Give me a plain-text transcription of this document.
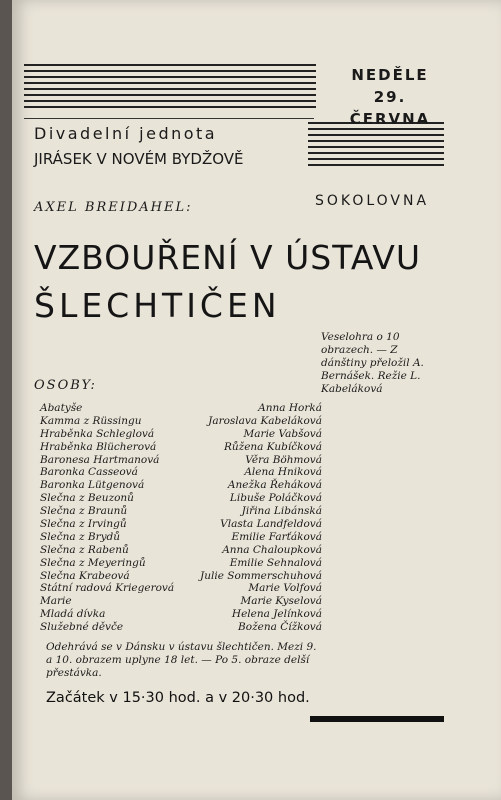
NEDĚLE
29. ČERVNA
Divadelní jednota
JIRÁSEK V NOVÉM BYDŽOVĚ
SOKOLOVNA
AXEL BREIDAHEL:
VZBOUŘENÍ V ÚSTAVU
ŠLECHTIČEN
Veselohra o 10 obrazech. — Z dánštiny přeložil A. Bernášek. Režie L. Kabeláková
OSOBY:
Abatyše	Anna Horká
Kamma z Rüssingu	Jaroslava Kabeláková
Hraběnka Schleglová	Marie Vabšová
Hraběnka Blücherová	Růžena Kubíčková
Baronesa Hartmanová	Věra Böhmová
Baronka Casseová	Alena Hniková
Baronka Lütgenová	Anežka Řeháková
Slečna z Beuzonů	Libuše Poláčková
Slečna z Braunů	Jiřina Libánská
Slečna z Irvingů	Vlasta Landfeldová
Slečna z Brydů	Emilie Farťáková
Slečna z Rabenů	Anna Chaloupková
Slečna z Meyeringů	Emilie Sehnalová
Slečna Krabeová	Julie Sommerschuhová
Státní radová Kriegerová	Marie Volfová
Marie	Marie Kyselová
Mladá dívka	Helena Jelínková
Služebné děvče	Božena Čížková
Odehrává se v Dánsku v ústavu šlechtičen. Mezi 9. a 10. obrazem uplyne 18 let. — Po 5. obraze delší přestávka.
Začátek v 15·30 hod. a v 20·30 hod.
